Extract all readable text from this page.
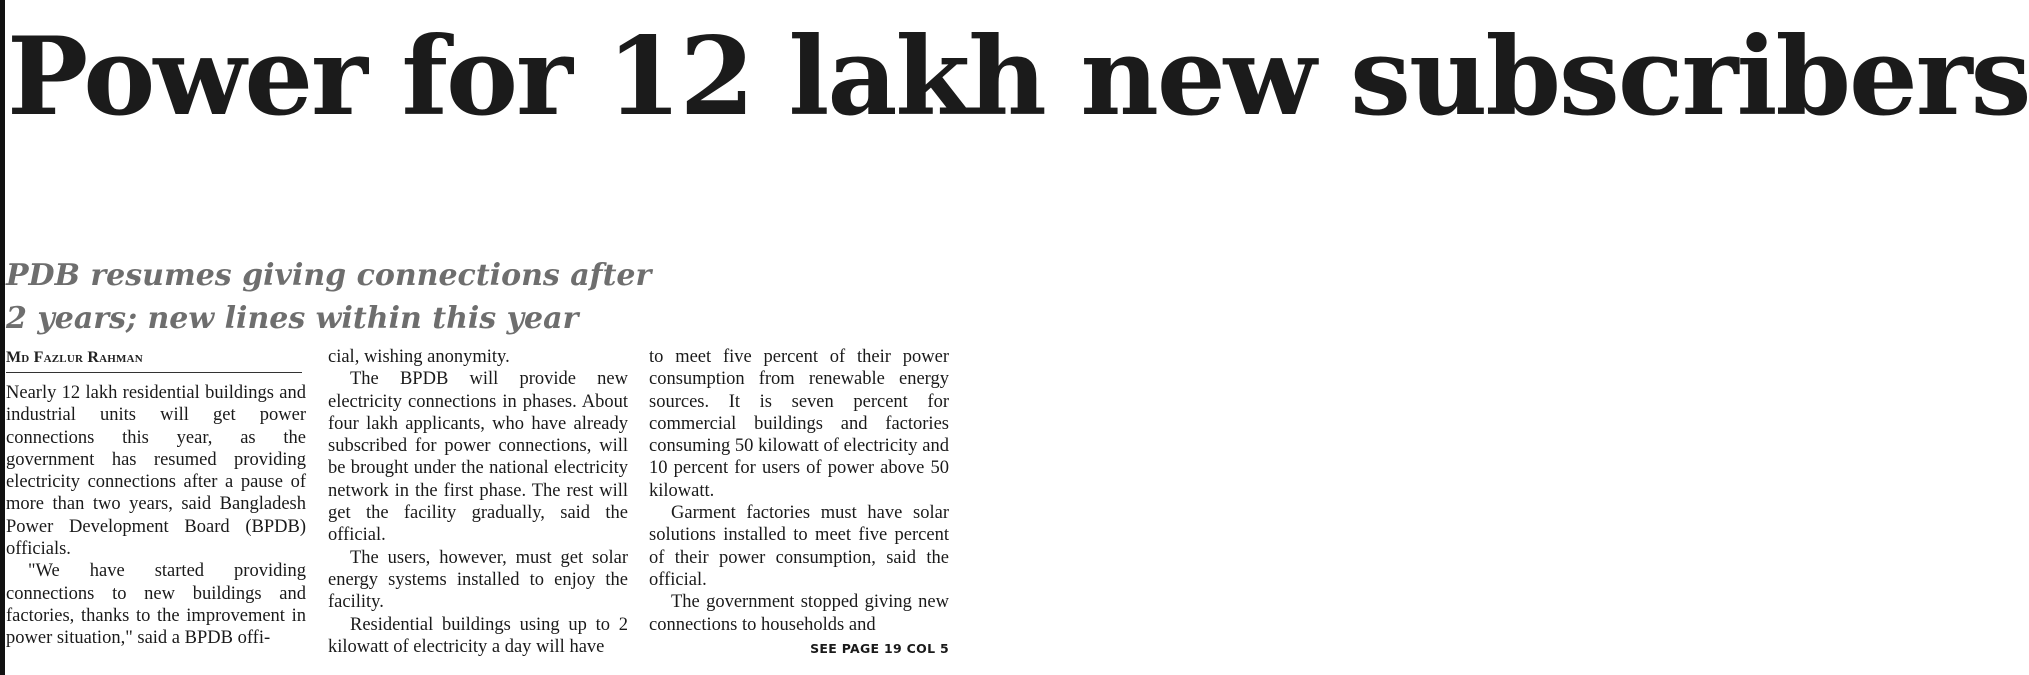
Power for 12 lakh new subscribers
PDB resumes giving connections after
2 years; new lines within this year
Md Fazlur Rahman

Nearly 12 lakh residential buildings and industrial units will get power connections this year, as the government has resumed providing electricity connections after a pause of more than two years, said Bangladesh Power Development Board (BPDB) officials.

"We have started providing connections to new buildings and factories, thanks to the improvement in power situation," said a BPDB offi-

cial, wishing anonymity.

The BPDB will provide new electricity connections in phases. About four lakh applicants, who have already subscribed for power connections, will be brought under the national electricity network in the first phase. The rest will get the facility gradually, said the official.

The users, however, must get solar energy systems installed to enjoy the facility.

Residential buildings using up to 2 kilowatt of electricity a day will have

to meet five percent of their power consumption from renewable energy sources. It is seven percent for commercial buildings and factories consuming 50 kilowatt of electricity and 10 percent for users of power above 50 kilowatt.

Garment factories must have solar solutions installed to meet five percent of their power consumption, said the official.

The government stopped giving new connections to households and

SEE PAGE 19 COL 5
